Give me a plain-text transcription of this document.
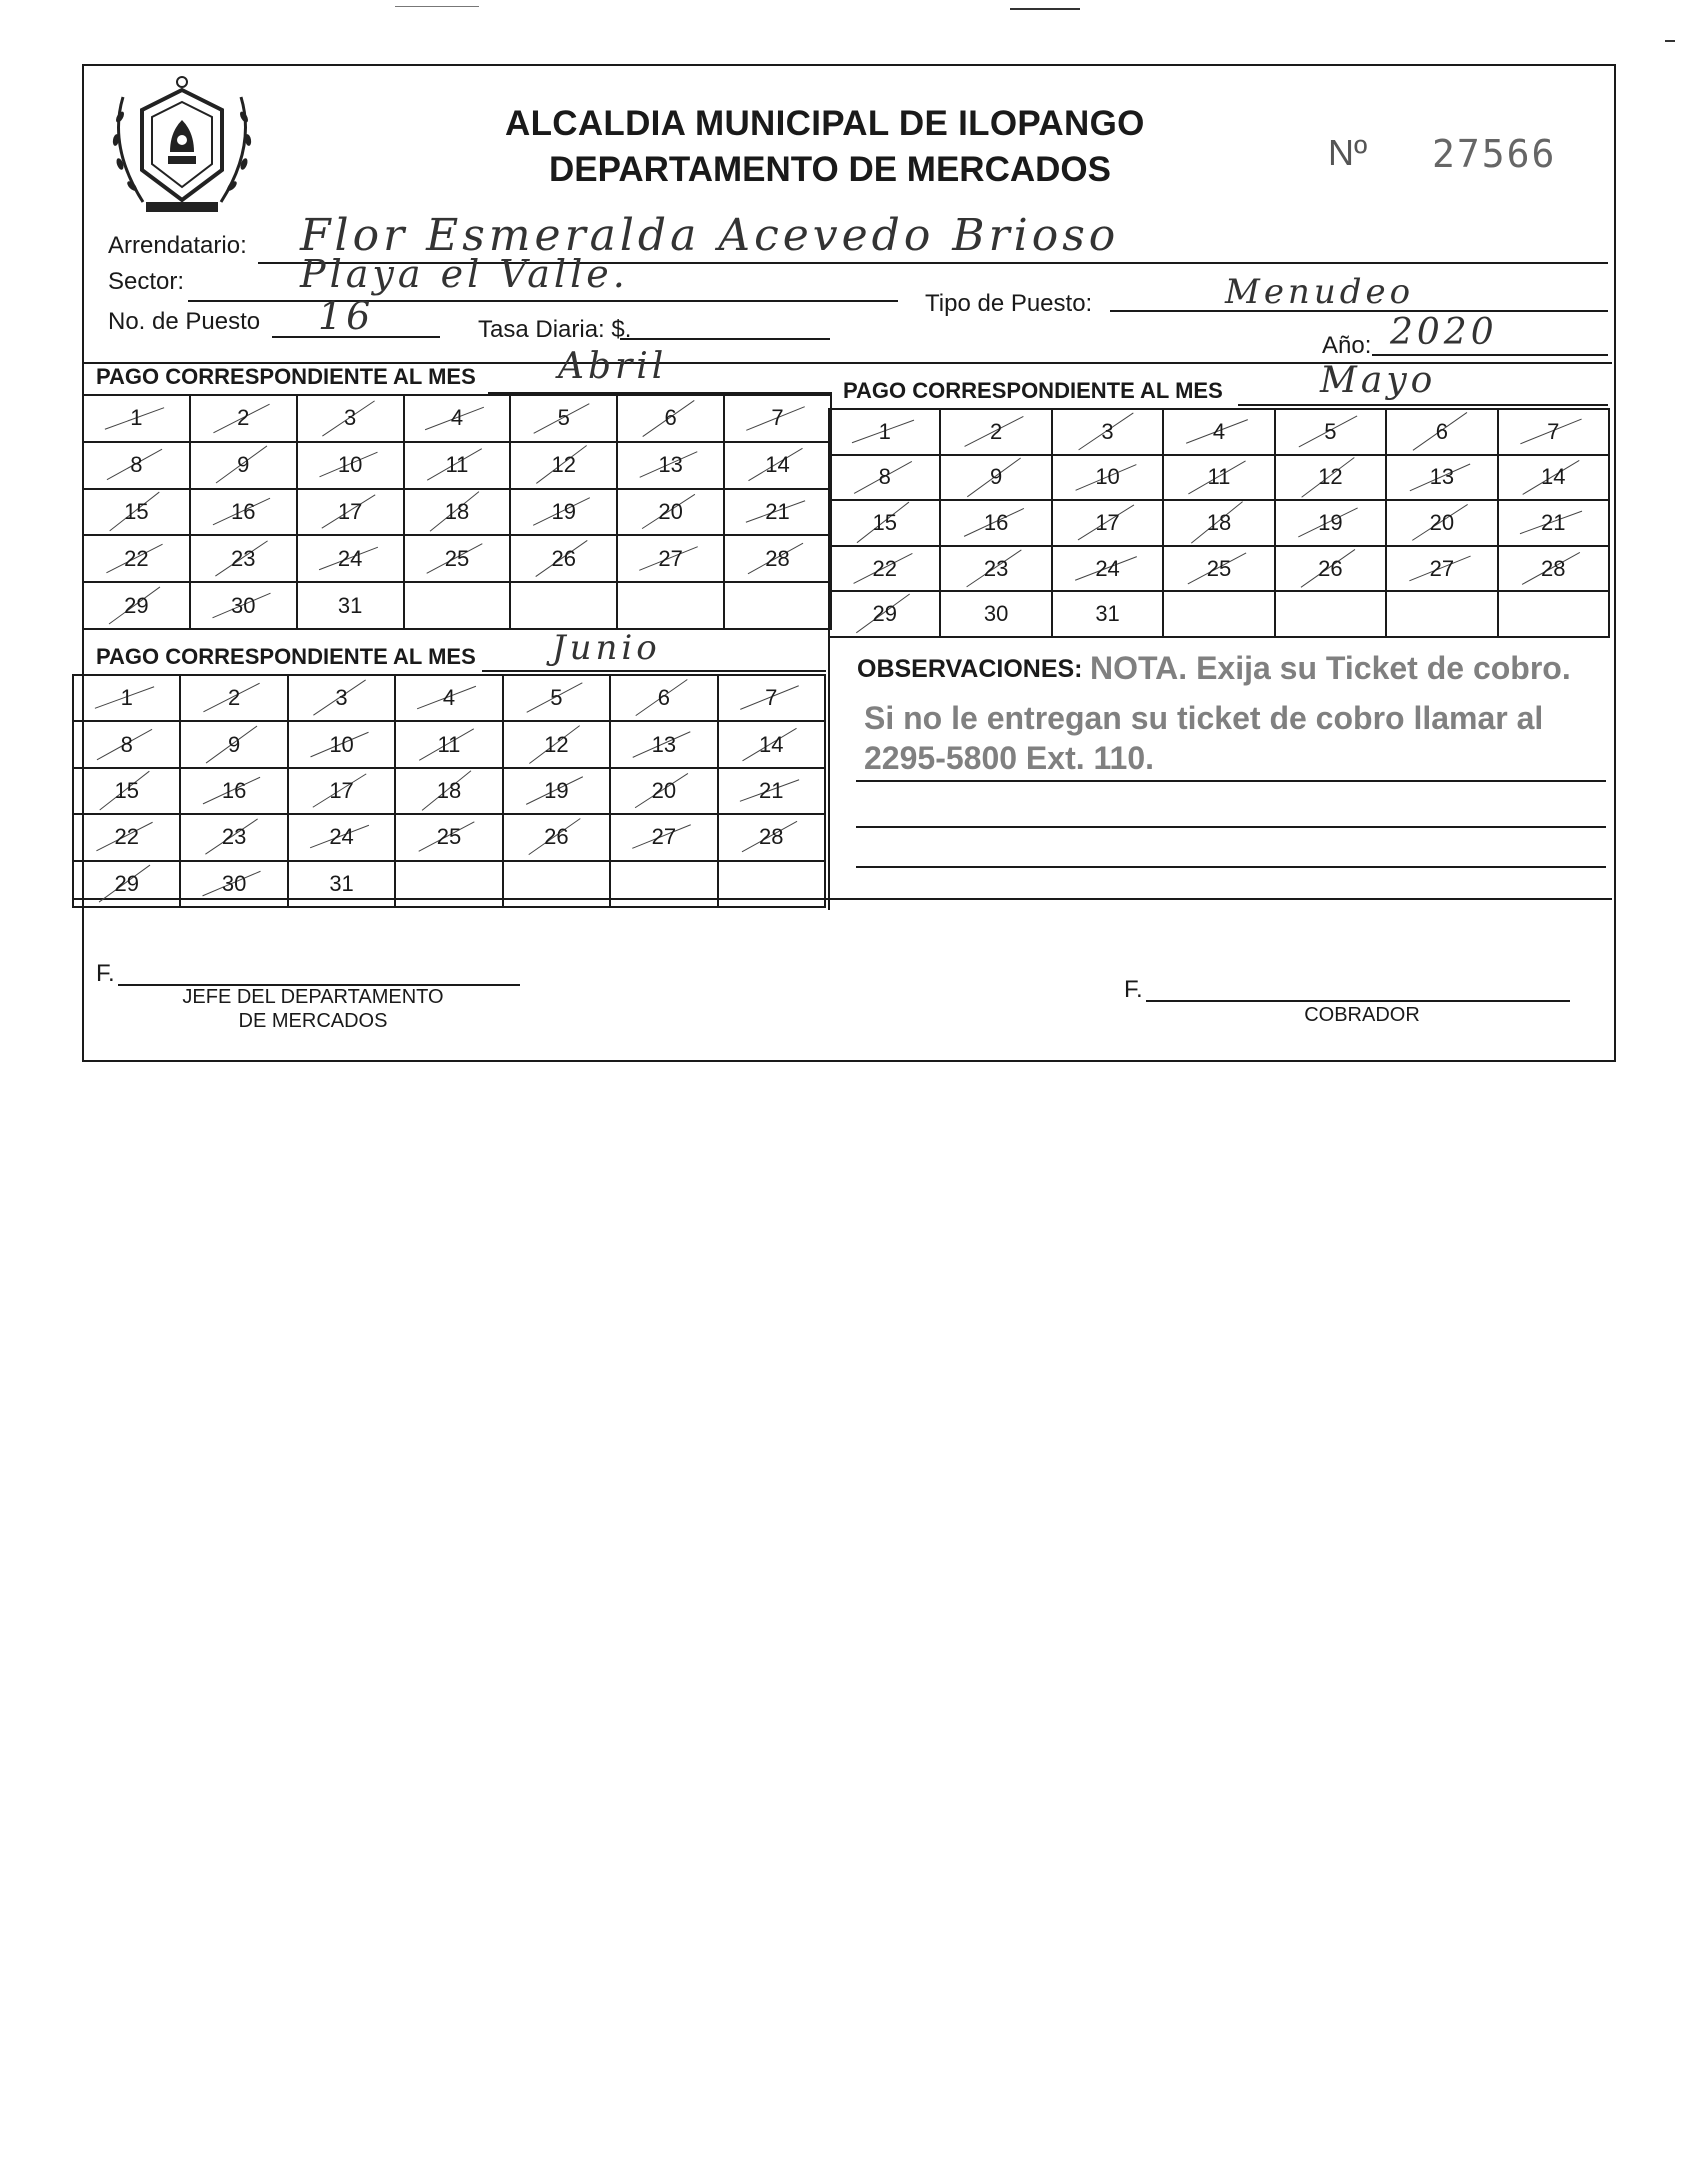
ALCALDIA MUNICIPAL DE ILOPANGO
DEPARTAMENTO DE MERCADOS	Nº 27566
Arrendatario: Flor Esmeralda Acevedo Brioso
Sector:	Playa el Valle.
Tipo de Puesto:	Menudeo
No. de Puesto 16	Tasa Diaria: $.
Año: 2020
PAGO CORRESPONDIENTE AL MES Abril
PAGO CORRESPONDIENTE AL MES	Mayo
1	2	3	4	5	6	7

8	9	10	11	12	13	14

15	16	17	18	19	20	21

22	23	24	25	26	27	28

29	30	31				
1	2	3	4	5	6	7

8	9	10	11	12	13	14

15	16	17	18	19	20	21

22	23	24	25	26	27	28

29	30	31				
PAGO CORRESPONDIENTE AL MES Junio
1	2	3	4	5	6	7

8	9	10	11	12	13	14

15	16	17	18	19	20	21

22	23	24	25	26	27	28

29	30	31				
OBSERVACIONES: NOTA. Exija su Ticket de cobro.
Si no le entregan su ticket de cobro llamar al
2295-5800 Ext. 110.
F.
JEFE DEL DEPARTAMENTO
DE MERCADOS
F.
COBRADOR
